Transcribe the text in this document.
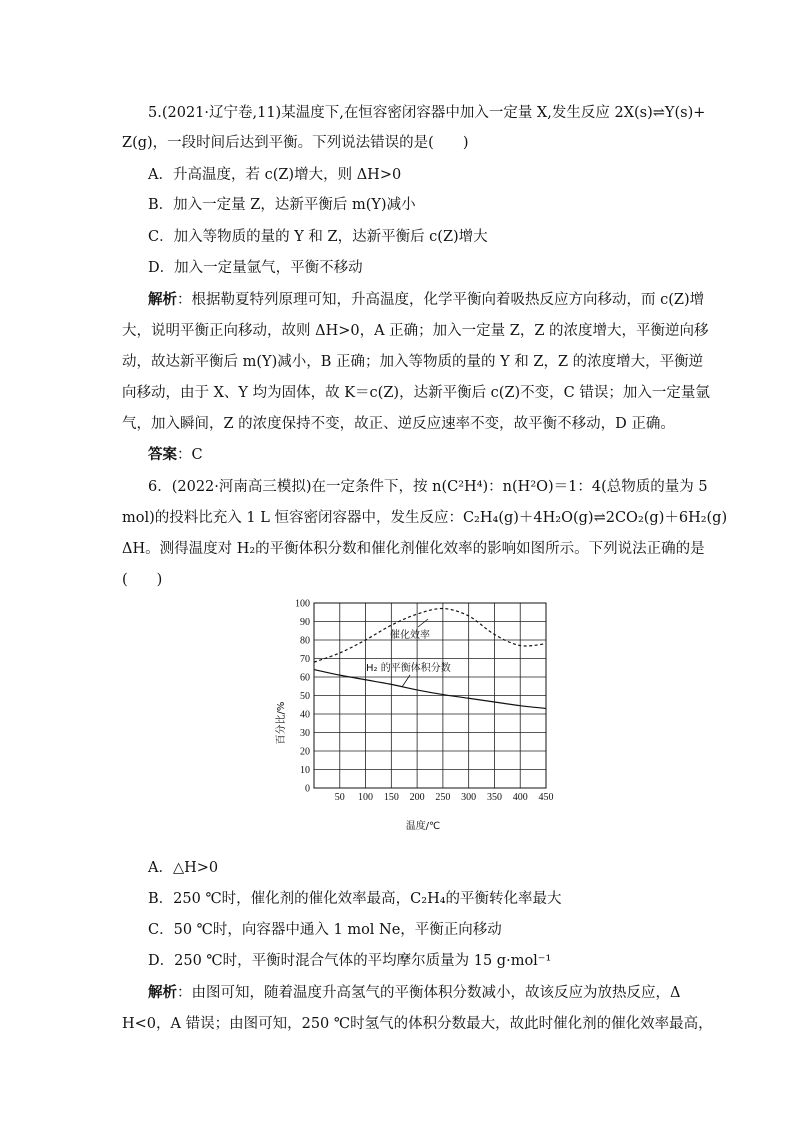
5.(2021·辽宁卷,11)某温度下,在恒容密闭容器中加入一定量 X,发生反应 2X(s)⇌Y(s)+
Z(g)，一段时间后达到平衡。下列说法错误的是(　　)
A．升高温度，若 c(Z)增大，则 ΔH>0
B．加入一定量 Z，达新平衡后 m(Y)减小
C．加入等物质的量的 Y 和 Z，达新平衡后 c(Z)增大
D．加入一定量氩气，平衡不移动
解析：根据勒夏特列原理可知，升高温度，化学平衡向着吸热反应方向移动，而 c(Z)增
大，说明平衡正向移动，故则 ΔH>0，A 正确；加入一定量 Z，Z 的浓度增大，平衡逆向移
动，故达新平衡后 m(Y)减小，B 正确；加入等物质的量的 Y 和 Z，Z 的浓度增大，平衡逆
向移动，由于 X、Y 均为固体，故 K＝c(Z)，达新平衡后 c(Z)不变，C 错误；加入一定量氩
气，加入瞬间，Z 的浓度保持不变，故正、逆反应速率不变，故平衡不移动，D 正确。
答案：C
6．(2022·河南高三模拟)在一定条件下，按 n(C²H⁴)：n(H²O)＝1：4(总物质的量为 5
mol)的投料比充入 1 L 恒容密闭容器中，发生反应：C₂H₄(g)＋4H₂O(g)⇌2CO₂(g)＋6H₂(g)
ΔH。测得温度对 H₂的平衡体积分数和催化剂催化效率的影响如图所示。下列说法正确的是
(　　)
0
10
20
30
40
50
60
70
80
90
100
50 100 150 200 250 300 350 400 450
百分比/%
温度/℃
催化效率
H₂ 的平衡体积分数
A．△H>0
B．250 ℃时，催化剂的催化效率最高，C₂H₄的平衡转化率最大
C．50 ℃时，向容器中通入 1 mol Ne，平衡正向移动
D．250 ℃时，平衡时混合气体的平均摩尔质量为 15 g·mol⁻¹
解析：由图可知，随着温度升高氢气的平衡体积分数减小，故该反应为放热反应，Δ
H<0，A 错误；由图可知，250 ℃时氢气的体积分数最大，故此时催化剂的催化效率最高，
